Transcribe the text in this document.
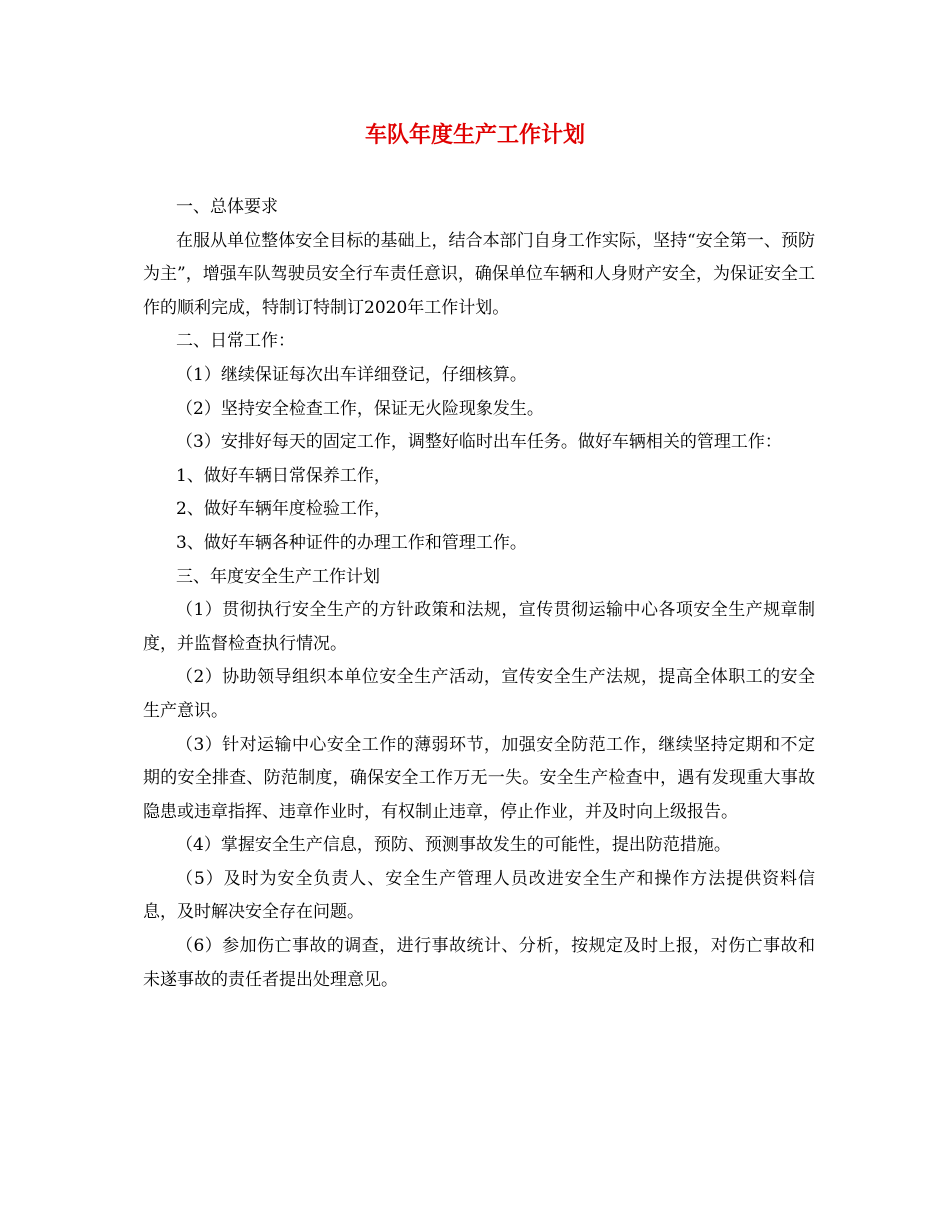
车队年度生产工作计划

一、总体要求

在服从单位整体安全目标的基础上，结合本部门自身工作实际，坚持“安全第一、预防为主”，增强车队驾驶员安全行车责任意识，确保单位车辆和人身财产安全，为保证安全工作的顺利完成，特制订特制订2020年工作计划。

二、日常工作：

（1）继续保证每次出车详细登记，仔细核算。

（2）坚持安全检查工作，保证无火险现象发生。

（3）安排好每天的固定工作，调整好临时出车任务。做好车辆相关的管理工作：

1、做好车辆日常保养工作，

2、做好车辆年度检验工作，

3、做好车辆各种证件的办理工作和管理工作。

三、年度安全生产工作计划

（1）贯彻执行安全生产的方针政策和法规，宣传贯彻运输中心各项安全生产规章制度，并监督检查执行情况。

（2）协助领导组织本单位安全生产活动，宣传安全生产法规，提高全体职工的安全生产意识。

（3）针对运输中心安全工作的薄弱环节，加强安全防范工作，继续坚持定期和不定期的安全排查、防范制度，确保安全工作万无一失。安全生产检查中，遇有发现重大事故隐患或违章指挥、违章作业时，有权制止违章，停止作业，并及时向上级报告。

（4）掌握安全生产信息，预防、预测事故发生的可能性，提出防范措施。

（5）及时为安全负责人、安全生产管理人员改进安全生产和操作方法提供资料信息，及时解决安全存在问题。

（6）参加伤亡事故的调查，进行事故统计、分析，按规定及时上报，对伤亡事故和未遂事故的责任者提出处理意见。
